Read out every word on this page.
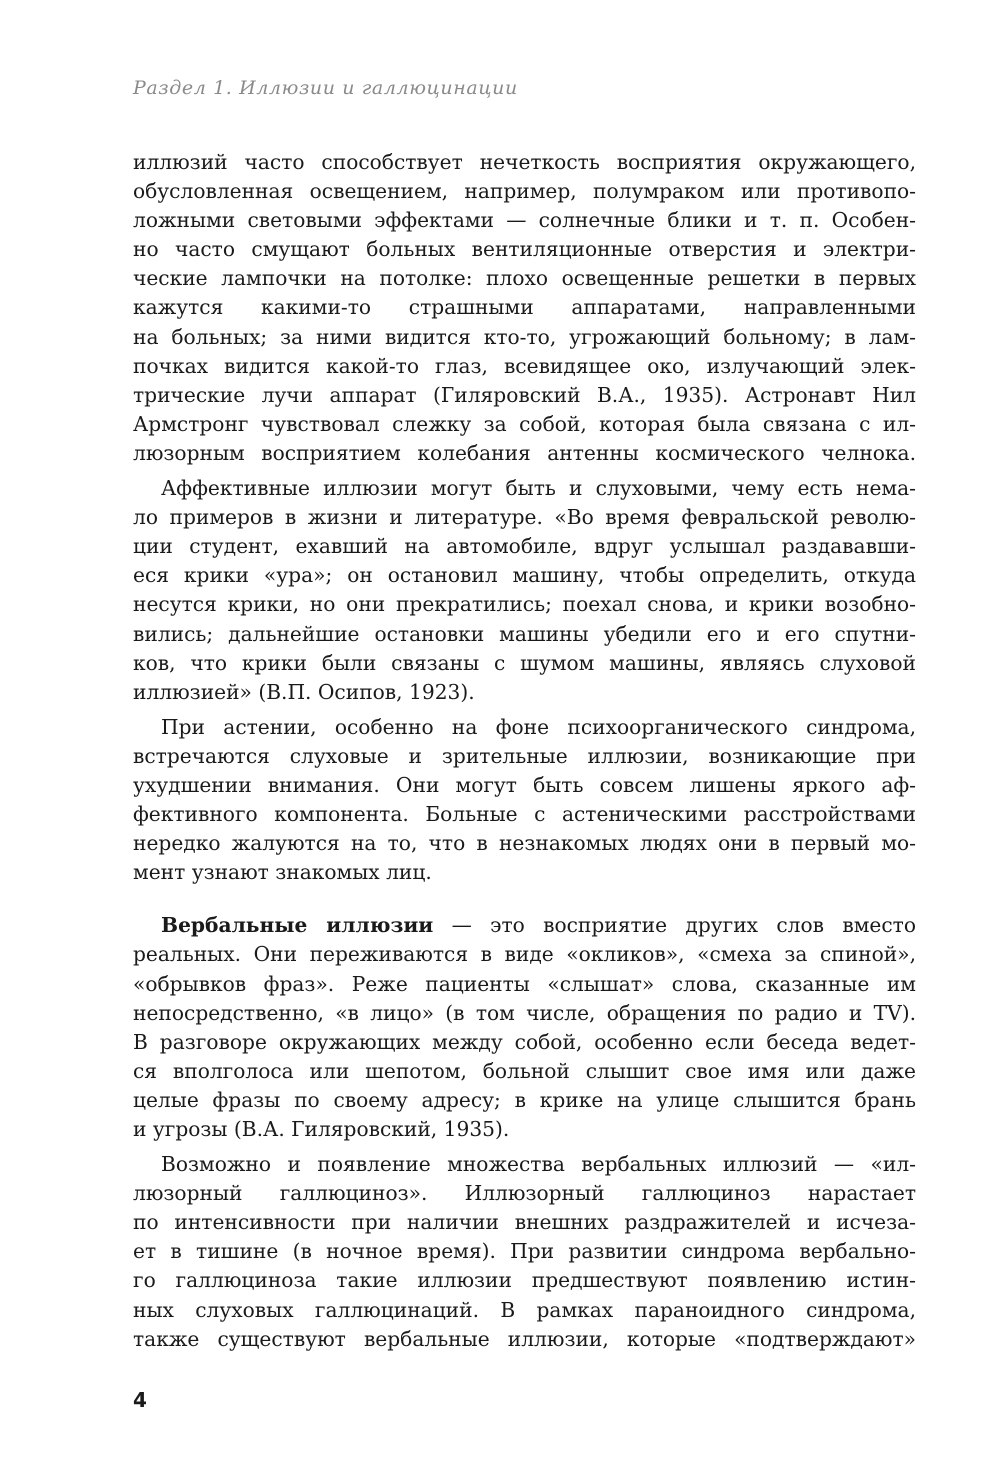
Раздел 1. Иллюзии и галлюцинации

иллюзий часто способствует нечеткость восприятия окружающего,
обусловленная освещением, например, полумраком или противопо-
ложными световыми эффектами — солнечные блики и т. п. Особен-
но часто смущают больных вентиляционные отверстия и электри-
ческие лампочки на потолке: плохо освещенные решетки в первых
кажутся какими-то страшными аппаратами, направленными
на больных; за ними видится кто-то, угрожающий больному; в лам-
почках видится какой-то глаз, всевидящее око, излучающий элек-
трические лучи аппарат (Гиляровский В.А., 1935). Астронавт Нил
Армстронг чувствовал слежку за собой, которая была связана с ил-
люзорным восприятием колебания антенны космического челнока.

Аффективные иллюзии могут быть и слуховыми, чему есть нема-
ло примеров в жизни и литературе. «Во время февральской револю-
ции студент, ехавший на автомобиле, вдруг услышал раздававши-
еся крики «ура»; он остановил машину, чтобы определить, откуда
несутся крики, но они прекратились; поехал снова, и крики возобно-
вились; дальнейшие остановки машины убедили его и его спутни-
ков, что крики были связаны с шумом машины, являясь слуховой
иллюзией» (В.П. Осипов, 1923).

При астении, особенно на фоне психоорганического синдрома,
встречаются слуховые и зрительные иллюзии, возникающие при
ухудшении внимания. Они могут быть совсем лишены яркого аф-
фективного компонента. Больные с астеническими расстройствами
нередко жалуются на то, что в незнакомых людях они в первый мо-
мент узнают знакомых лиц.

Вербальные иллюзии — это восприятие других слов вместо
реальных. Они переживаются в виде «окликов», «смеха за спиной»,
«обрывков фраз». Реже пациенты «слышат» слова, сказанные им
непосредственно, «в лицо» (в том числе, обращения по радио и TV).
В разговоре окружающих между собой, особенно если беседа ведет-
ся вполголоса или шепотом, больной слышит свое имя или даже
целые фразы по своему адресу; в крике на улице слышится брань
и угрозы (В.А. Гиляровский, 1935).

Возможно и появление множества вербальных иллюзий — «ил-
люзорный галлюциноз». Иллюзорный галлюциноз нарастает
по интенсивности при наличии внешних раздражителей и исчеза-
ет в тишине (в ночное время). При развитии синдрома вербально-
го галлюциноза такие иллюзии предшествуют появлению истин-
ных слуховых галлюцинаций. В рамках параноидного синдрома,
также существуют вербальные иллюзии, которые «подтверждают»

4
